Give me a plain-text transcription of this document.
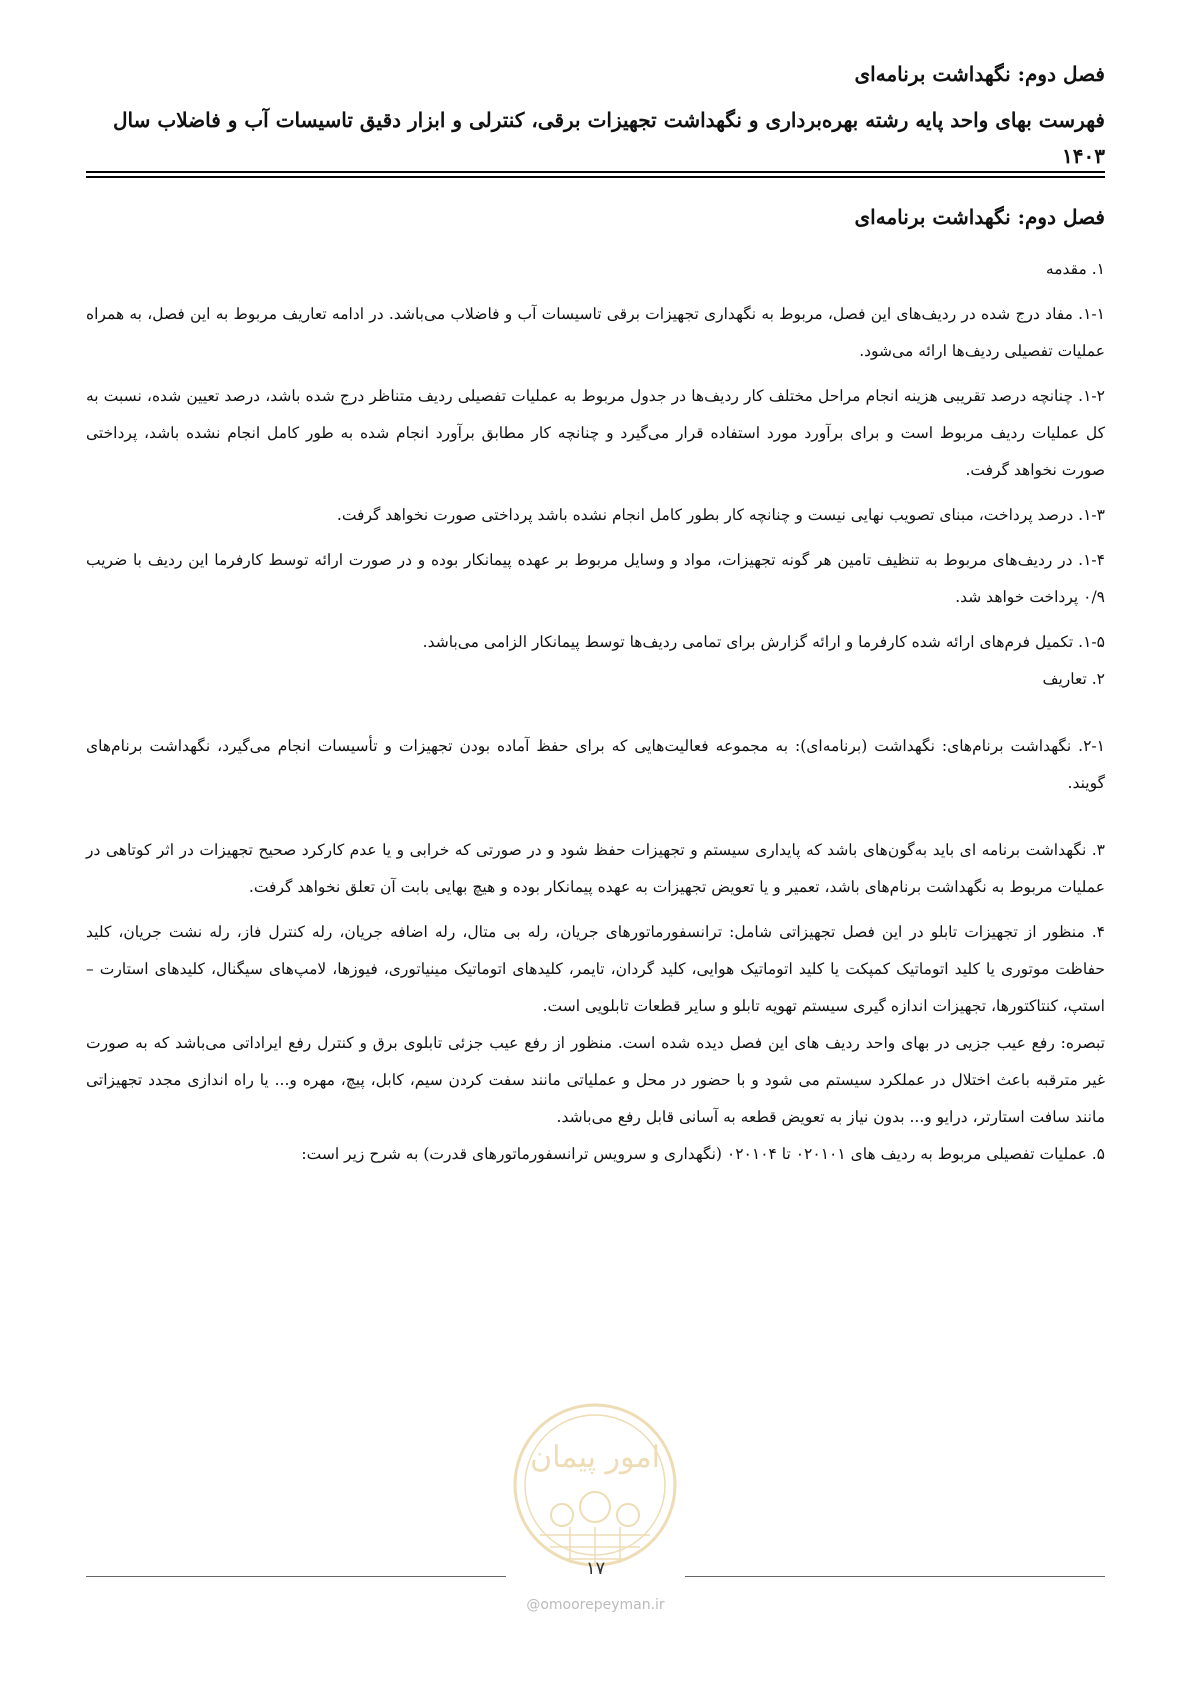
فصل دوم: نگهداشت برنامه‌ای
فهرست بهای واحد پایه رشته بهره‌برداری و نگهداشت تجهیزات برقی، کنترلی و ابزار دقیق تاسیسات آب و فاضلاب سال ۱۴۰۳
فصل دوم: نگهداشت برنامه‌ای

۱. مقدمه

۱-۱. مفاد درج شده در ردیف‌های این فصل، مربوط به نگهداری تجهیزات برقی تاسیسات آب و فاضلاب می‌باشد. در ادامه تعاریف مربوط به این فصل، به همراه عملیات تفصیلی ردیف‌ها ارائه می‌شود.

۱-۲. چنانچه درصد تقریبی هزینه انجام مراحل مختلف کار ردیف‌ها در جدول مربوط به عملیات تفصیلی ردیف متناظر درج شده باشد، درصد تعیین شده، نسبت به کل عملیات ردیف مربوط است و برای برآورد مورد استفاده قرار می‌گیرد و چنانچه کار مطابق برآورد انجام شده به طور کامل انجام نشده باشد، پرداختی صورت نخواهد گرفت.

۱-۳. درصد پرداخت، مبنای تصویب نهایی نیست و چنانچه کار بطور کامل انجام نشده باشد پرداختی صورت نخواهد گرفت.

۱-۴. در ردیف‌های مربوط به تنظیف تامین هر گونه تجهیزات، مواد و وسایل مربوط بر عهده پیمانکار بوده و در صورت ارائه توسط کارفرما این ردیف با ضریب ۰/۹ پرداخت خواهد شد.

۱-۵. تکمیل فرم‌های ارائه شده کارفرما و ارائه گزارش برای تمامی ردیف‌ها توسط پیمانکار الزامی می‌باشد.

۲. تعاریف

۲-۱. نگهداشت برنام‌های: نگهداشت (برنامه‌ای): به مجموعه فعالیت‌هایی که برای حفظ آماده بودن تجهیزات و تأسیسات انجام می‌گیرد، نگهداشت برنام‌های گویند.

۳. نگهداشت برنامه ای باید به‌گون‌های باشد که پایداری سیستم و تجهیزات حفظ شود و در صورتی که خرابی و یا عدم کارکرد صحیح تجهیزات در اثر کوتاهی در عملیات مربوط به نگهداشت برنام‌های باشد، تعمیر و یا تعویض تجهیزات به عهده پیمانکار بوده و هیچ بهایی بابت آن تعلق نخواهد گرفت.

۴. منظور از تجهیزات تابلو در این فصل تجهیزاتی شامل: ترانسفورماتورهای جریان، رله بی متال، رله اضافه جریان، رله کنترل فاز، رله نشت جریان، کلید حفاظت موتوری یا کلید اتوماتیک کمپکت یا کلید اتوماتیک هوایی، کلید گردان، تایمر، کلیدهای اتوماتیک مینیاتوری، فیوزها، لامپ‌های سیگنال، کلیدهای استارت –استپ، کنتاکتورها، تجهیزات اندازه گیری سیستم تهویه تابلو و سایر قطعات تابلویی است.

تبصره: رفع عیب جزیی در بهای واحد ردیف های این فصل دیده شده است. منظور از رفع عیب جزئی تابلوی برق و کنترل رفع ایراداتی می‌باشد که به صورت غیر مترقبه باعث اختلال در عملکرد سیستم می شود و با حضور در محل و عملیاتی مانند سفت کردن سیم، کابل، پیچ، مهره و... یا راه اندازی مجدد تجهیزاتی مانند سافت استارتر، درایو و... بدون نیاز به تعویض قطعه به آسانی قابل رفع می‌باشد.

۵. عملیات تفصیلی مربوط به ردیف های ۰۲۰۱۰۱ تا ۰۲۰۱۰۴ (نگهداری و سرویس ترانسفورماتورهای قدرت) به شرح زیر است:

امور پیمان
۱۷
@omoorepeyman.ir
